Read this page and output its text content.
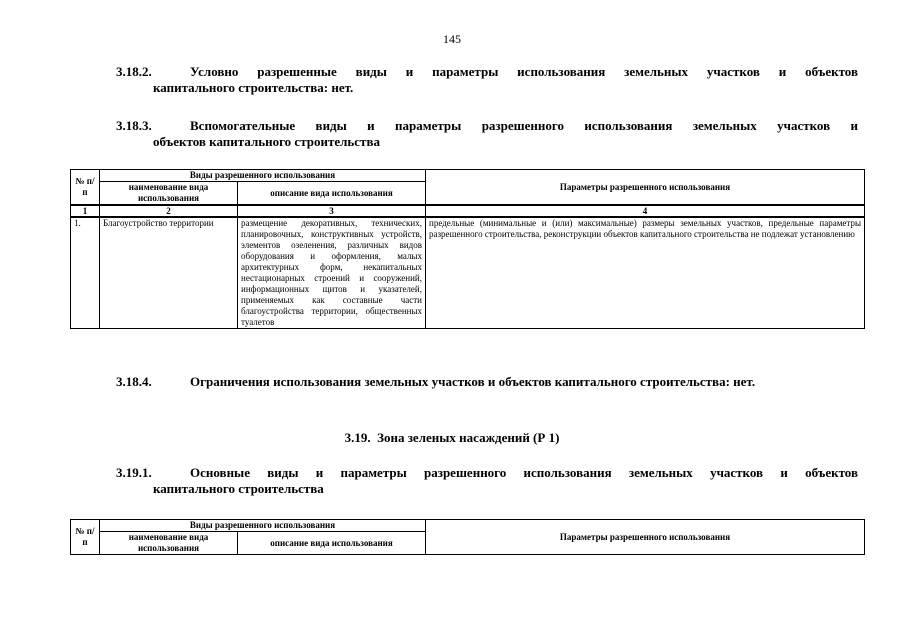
145
3.18.2.	Условно разрешенные виды и параметры использования земельных участков и объектов
капитального строительства: нет.
3.18.3.	Вспомогательные виды и параметры разрешенного использования земельных участков и
объектов капитального строительства
№ п/п	Виды разрешенного использования		Параметры разрешенного использования
	наименование вида использования	описание вида использования	
1	2	3	4
1.	Благоустройство территории	размещение декоративных, технических, планировочных, конструктивных устройств, элементов озеленения, различных видов оборудования и оформления, малых архитектурных форм, некапитальных нестационарных строений и сооружений, информационных щитов и указателей, применяемых как составные части благоустройства территории, общественных туалетов	предельные (минимальные и (или) максимальные) размеры земельных участков, предельные параметры разрешенного строительства, реконструкции объектов капитального строительства не подлежат установлению
3.18.4.	Ограничения использования земельных участков и объектов капитального строительства: нет.
3.19. Зона зеленых насаждений (Р 1)
3.19.1.	Основные виды и параметры разрешенного использования земельных участков и объектов
капитального строительства
№ п/п	Виды разрешенного использования		Параметры разрешенного использования
	наименование вида использования	описание вида использования	
